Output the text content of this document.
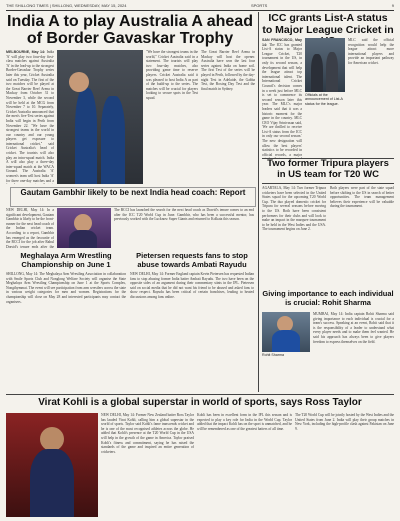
THE SHILLONG TIMES | SHILLONG, WEDNESDAY, MAY 15, 2024	SPORTS	9
India A to play Australia A ahead of Border Gavaskar Trophy
ICC grants List-A status to Major League Cricket in

MELBOURNE, May 14: India 'A' will play two four-day first-class matches against Australia 'A' in the lead-up to the strongest Border-Gavaskar Trophy series later this year, Cricket Australia said on Tuesday. The first of the two matches will be played at the Great Barrier Reef Arena in Mackay from October 31 to November 3, while the second will be held at the MCG from November 7 to 10. Separately, Cricket Australia announced that the men's five-Test series against India will begin in Perth from November 22. "We have the strongest teams in the world in our country and our young players get exposure to international cricket," said Cricket Australia's head of cricket. The tourists will also play an intra-squad match. India A will also play a three-day inter-squad match at the WACA Ground. The Australia 'A' women's team will host India 'A' for three one-day matches and a

"We have the strongest teams in the world," Cricket Australia said in a statement. The tourists will play two four-day matches, also providing game time to reserve players. Cricket Australia said it was pleased to host India A as part of the build-up to the series. The matches will be crucial for players looking to secure spots in the Test squad.

The Great Barrier Reef Arena in Mackay will host the opener. Australia have won the last four series against India on home soil. The first Test of the series will be played in Perth, followed by the day-night Test in Adelaide, the Gabba Test, the Boxing Day Test and the final match in Sydney.

Gautam Gambhir likely to be next India head coach: Report
NEW DELHI, May 14: In a significant development, Gautam Gambhir is likely to be the front-runner for the next head coach of the Indian cricket team. According to a report, Gambhir has emerged as the favourite of the BCCI for the job after Rahul Dravid's tenure ends after the

The BCCI has launched the search for the next head coach as Dravid's tenure comes to an end after the ICC T20 World Cup in June. Gambhir, who has been a successful mentor, has previously worked with the Lucknow Super Giants and returned to Kolkata this season.

Meghalaya Arm Wrestling Championship on June 1
SHILLONG, May 14: The Meghalaya Arm Wrestling Association in collaboration with Smile Sports Club and Nonglong Welfare Society will organise the State Meghalaya Arm Wrestling Championship on June 1 at the Sports Complex, Nongthymmai. The event will see participation from arm wrestlers across the state in various weight categories for men and women. Registrations for the championship will close on May 28 and interested participants may contact the organisers.
Pietersen requests fans to stop abuse towards Ambati Rayudu
NEW DELHI, May 14: Former England captain Kevin Pietersen has requested Indian fans to stop abusing former India batter Ambati Rayudu. The two have been on the opposite sides of an argument during their commentary stints in the IPL. Pietersen said on social media that he did not want his friend to be abused and asked fans to show respect. Rayudu has been critical of certain franchises, leading to heated discussions among fans online.

SAN FRANCISCO, May 14: The ICC has granted List-A status to Major League Cricket, T20 tournament in the US, in only its second season, a development that will help the league attract top international talent. The International Cricket Council's decision comes in a week just before MLC is set to commence its second season later this year. The MLC's major leaders said that it was a historic moment for the game in the country. MLC CEO Vijay Srinivasan said, 'We are thrilled to receive List-A status from the ICC in only our second season.' The new designation will allow the best players' statistics to be recorded in official records, a major

Officials at the announcement of List-A status for the league.

MLC said the official recognition would help the league attract more international players and provide an important pathway for American cricket.

Two former Tripura players in US team for T20 WC
AGARTALA, May 14: Two former Tripura cricketers have been selected in the United States squad for the upcoming T20 World Cup. The duo played domestic cricket for Tripura for several seasons before moving to the US. Both have been consistent performers for their clubs and will look to make an impact in the marquee tournament to be held in the West Indies and the USA. The tournament begins on June 2.

Both players were part of the state squad before shifting to the US in search of better opportunities. The team management believes their experience will be valuable during the tournament.

Giving importance to each individual is crucial: Rohit Sharma
Rohit Sharma
MUMBAI, May 14: India captain Rohit Sharma said giving importance to each individual is crucial for a team's success. Speaking at an event, Rohit said that it is the responsibility of a leader to understand what every player needs and to make them feel wanted. He said his approach has always been to give players freedom to express themselves on the field.
Virat Kohli is a global superstar in world of sports, says Ross Taylor
NEW DELHI, May 14: Former New Zealand batter Ross Taylor has lauded Virat Kohli, calling him a global superstar in the world of sports. Taylor said Kohli's fame transcends cricket and he is one of the most recognised athletes across the globe. He added that Kohli's presence at the T20 World Cup in the USA will help in the growth of the game in America. Taylor praised Kohli's fitness and commitment, saying he has raised the standards of the game and inspired an entire generation of cricketers.

Kohli has been in excellent form in the IPL this season and is expected to play a key role for India in the World Cup. Taylor added that the impact Kohli has on the sport is unmatched, and he will be remembered as one of the greatest batters of all time.

The T20 World Cup will be jointly hosted by the West Indies and the United States from June 2. India will play their group matches in New York, including the high-profile clash against Pakistan on June 9.
